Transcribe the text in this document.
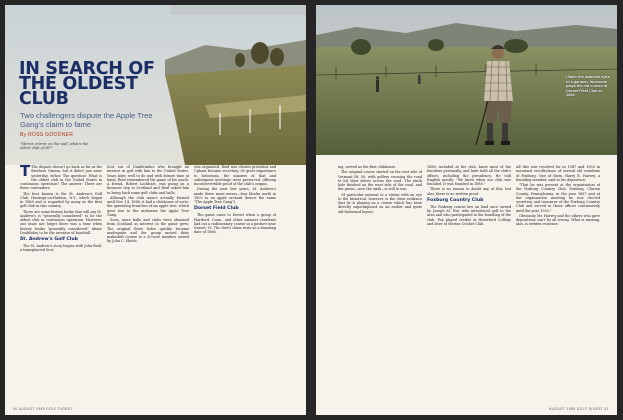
IN SEARCH OF THE OLDEST CLUB
Two challengers dispute the Apple Tree Gang's claim to fame
By ROSS GOODNER
"Mirror, mirror on the wall, what's the oldest club of all?"

T The dispute doesn't go back as far as the Brothers Grimm, but it didn't just arise yesterday, either. The question: What is the oldest club in the United States in continuous operation? The answer: There are three contenders.

The best known is the St. Andrew's Golf Club, Hastings-on-Hudson, N.Y., which began in 1888 and is regarded by many as the first golf club in this country.

There are some history books that will say St. Andrew's is "generally considered" to be the oldest club in continuous operation. However, one must not forget there was a time when history books "generally considered" Abner Doubleday to be the inventor of baseball.

St. Andrew's Golf Club

The St. Andrew's story begins with John Reid, a transplanted Scot

Scot out of Dunfermline who brought an interest in golf with him to the United States. Years later, well to do and with leisure time at hand, Reid remembered the game of his youth. A friend, Robert Lockhart, was going on a business trip to Scotland and Reid asked him to bring back some golf clubs and balls.

Although the club wasn't actually formed until Nov. 14, 1888, it had a clubhouse of sorts: the spreading branches of an apple tree, which gave rise to the nickname the Apple Tree Gang.

Soon, more balls and clubs were obtained from Scotland as interest in the game grew. The original three holes quickly became inadequate and the group moved their makeshift course to a 30-acre meadow owned by John C. Shotts.

was organized. Reid was chosen president and Upham became secretary. Of great importance to historians, the minutes of that and subsequent meetings were preserved, offering incontrovertible proof of the club's origins.

During the next few years, St. Andrew's made three more moves—four blocks north in 1892 to an apple orchard (hence the name "The Apple Tree Gang").

Dorset Field Club

The game came to Dorset when a group of Hartford, Conn., and other summer residents laid out a rudimentary course in a pasture near Dorset, Vt. The club's claim rests on a founding date of 1886.

40 AUGUST 1989 GOLF DIGEST
Under the watchful eyes of a garmen, foursome plays the old course at Dorset Field Club in 1886.

ing, served as the first clubhouse.

The original course started on the east side of Vermont Rt. 30, with golfers crossing the road to hit their drives across the road. The ninth hole finished on the west side of the road, and the green—now the sixth—is still in use.

Of particular interest to a visitor with an eye to the historical, however, is the clear evidence that he is playing on a course which has been directly superimposed on an earlier and quite old-fashioned layout.

1886, included at the club, knew most of the founders personally, and later held all the club's offices, including the presidency. He told English mostly: "We know when our club was founded. It was founded in 1886."

There is no reason to doubt any of this, but alas, there is no written proof.

Foxburg Country Club

The Foxburg course lies on land once owned by Joseph M. Fox, who introduced golf to the area and who participated in the founding of the club. Fox played cricket at Haverford College and later at Merion Cricket Club.

All this was resolved for in 1947 and 1950 in notarized recollections of several old residents of Foxburg. One of them, Harry R. Harvey, a founding member, said in his deposition:

"That he was present at the organization of the Foxburg Country Club, Foxburg, Clarion County, Pennsylvania, in the year 1887 and at the organization meeting he was elected secretary and treasurer of the Foxburg Country Club and served in those offices continuously until the year 1903."

Obviously Mr. Harvey and the others who gave depositions can't be all wrong. What is missing, alas, is written evidence.

AUGUST 1989 GOLF DIGEST 41
